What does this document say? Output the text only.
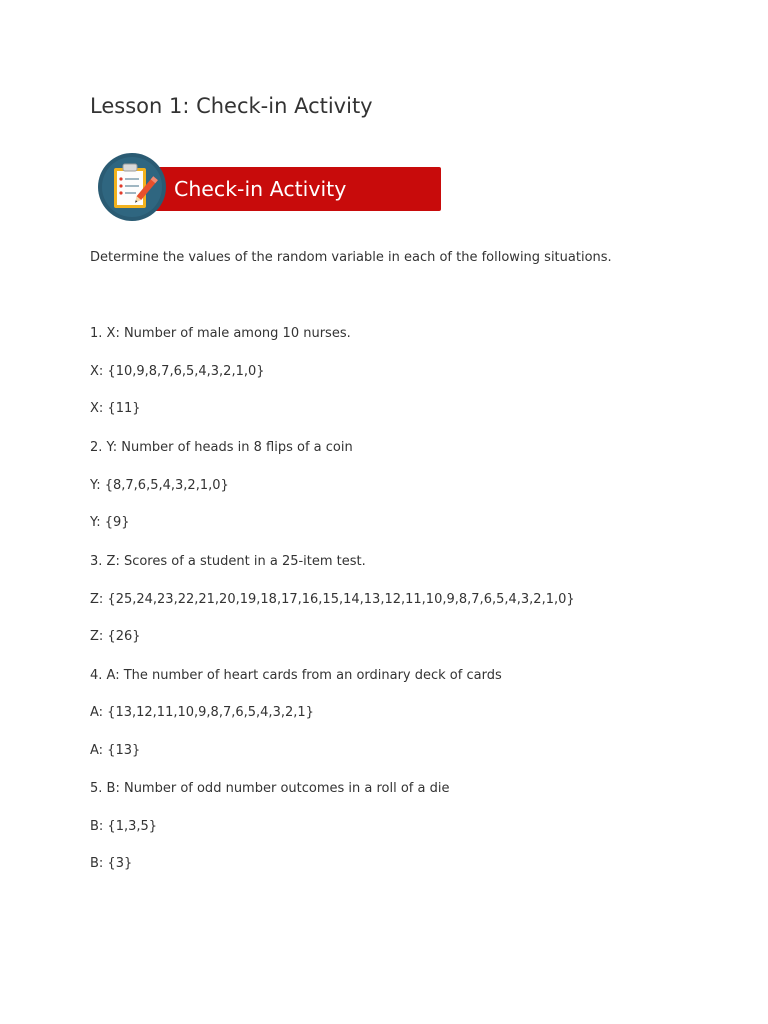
Lesson 1: Check-in Activity
Check-in Activity

Determine the values of the random variable in each of the following situations.

1. X: Number of male among 10 nurses.

X: {10,9,8,7,6,5,4,3,2,1,0}

X: {11}

2. Y: Number of heads in 8 flips of a coin

Y: {8,7,6,5,4,3,2,1,0}

Y: {9}

3. Z: Scores of a student in a 25-item test.

Z: {25,24,23,22,21,20,19,18,17,16,15,14,13,12,11,10,9,8,7,6,5,4,3,2,1,0}

Z: {26}

4. A: The number of heart cards from an ordinary deck of cards

A: {13,12,11,10,9,8,7,6,5,4,3,2,1}

A: {13}

5. B: Number of odd number outcomes in a roll of a die

B: {1,3,5}

B: {3}
